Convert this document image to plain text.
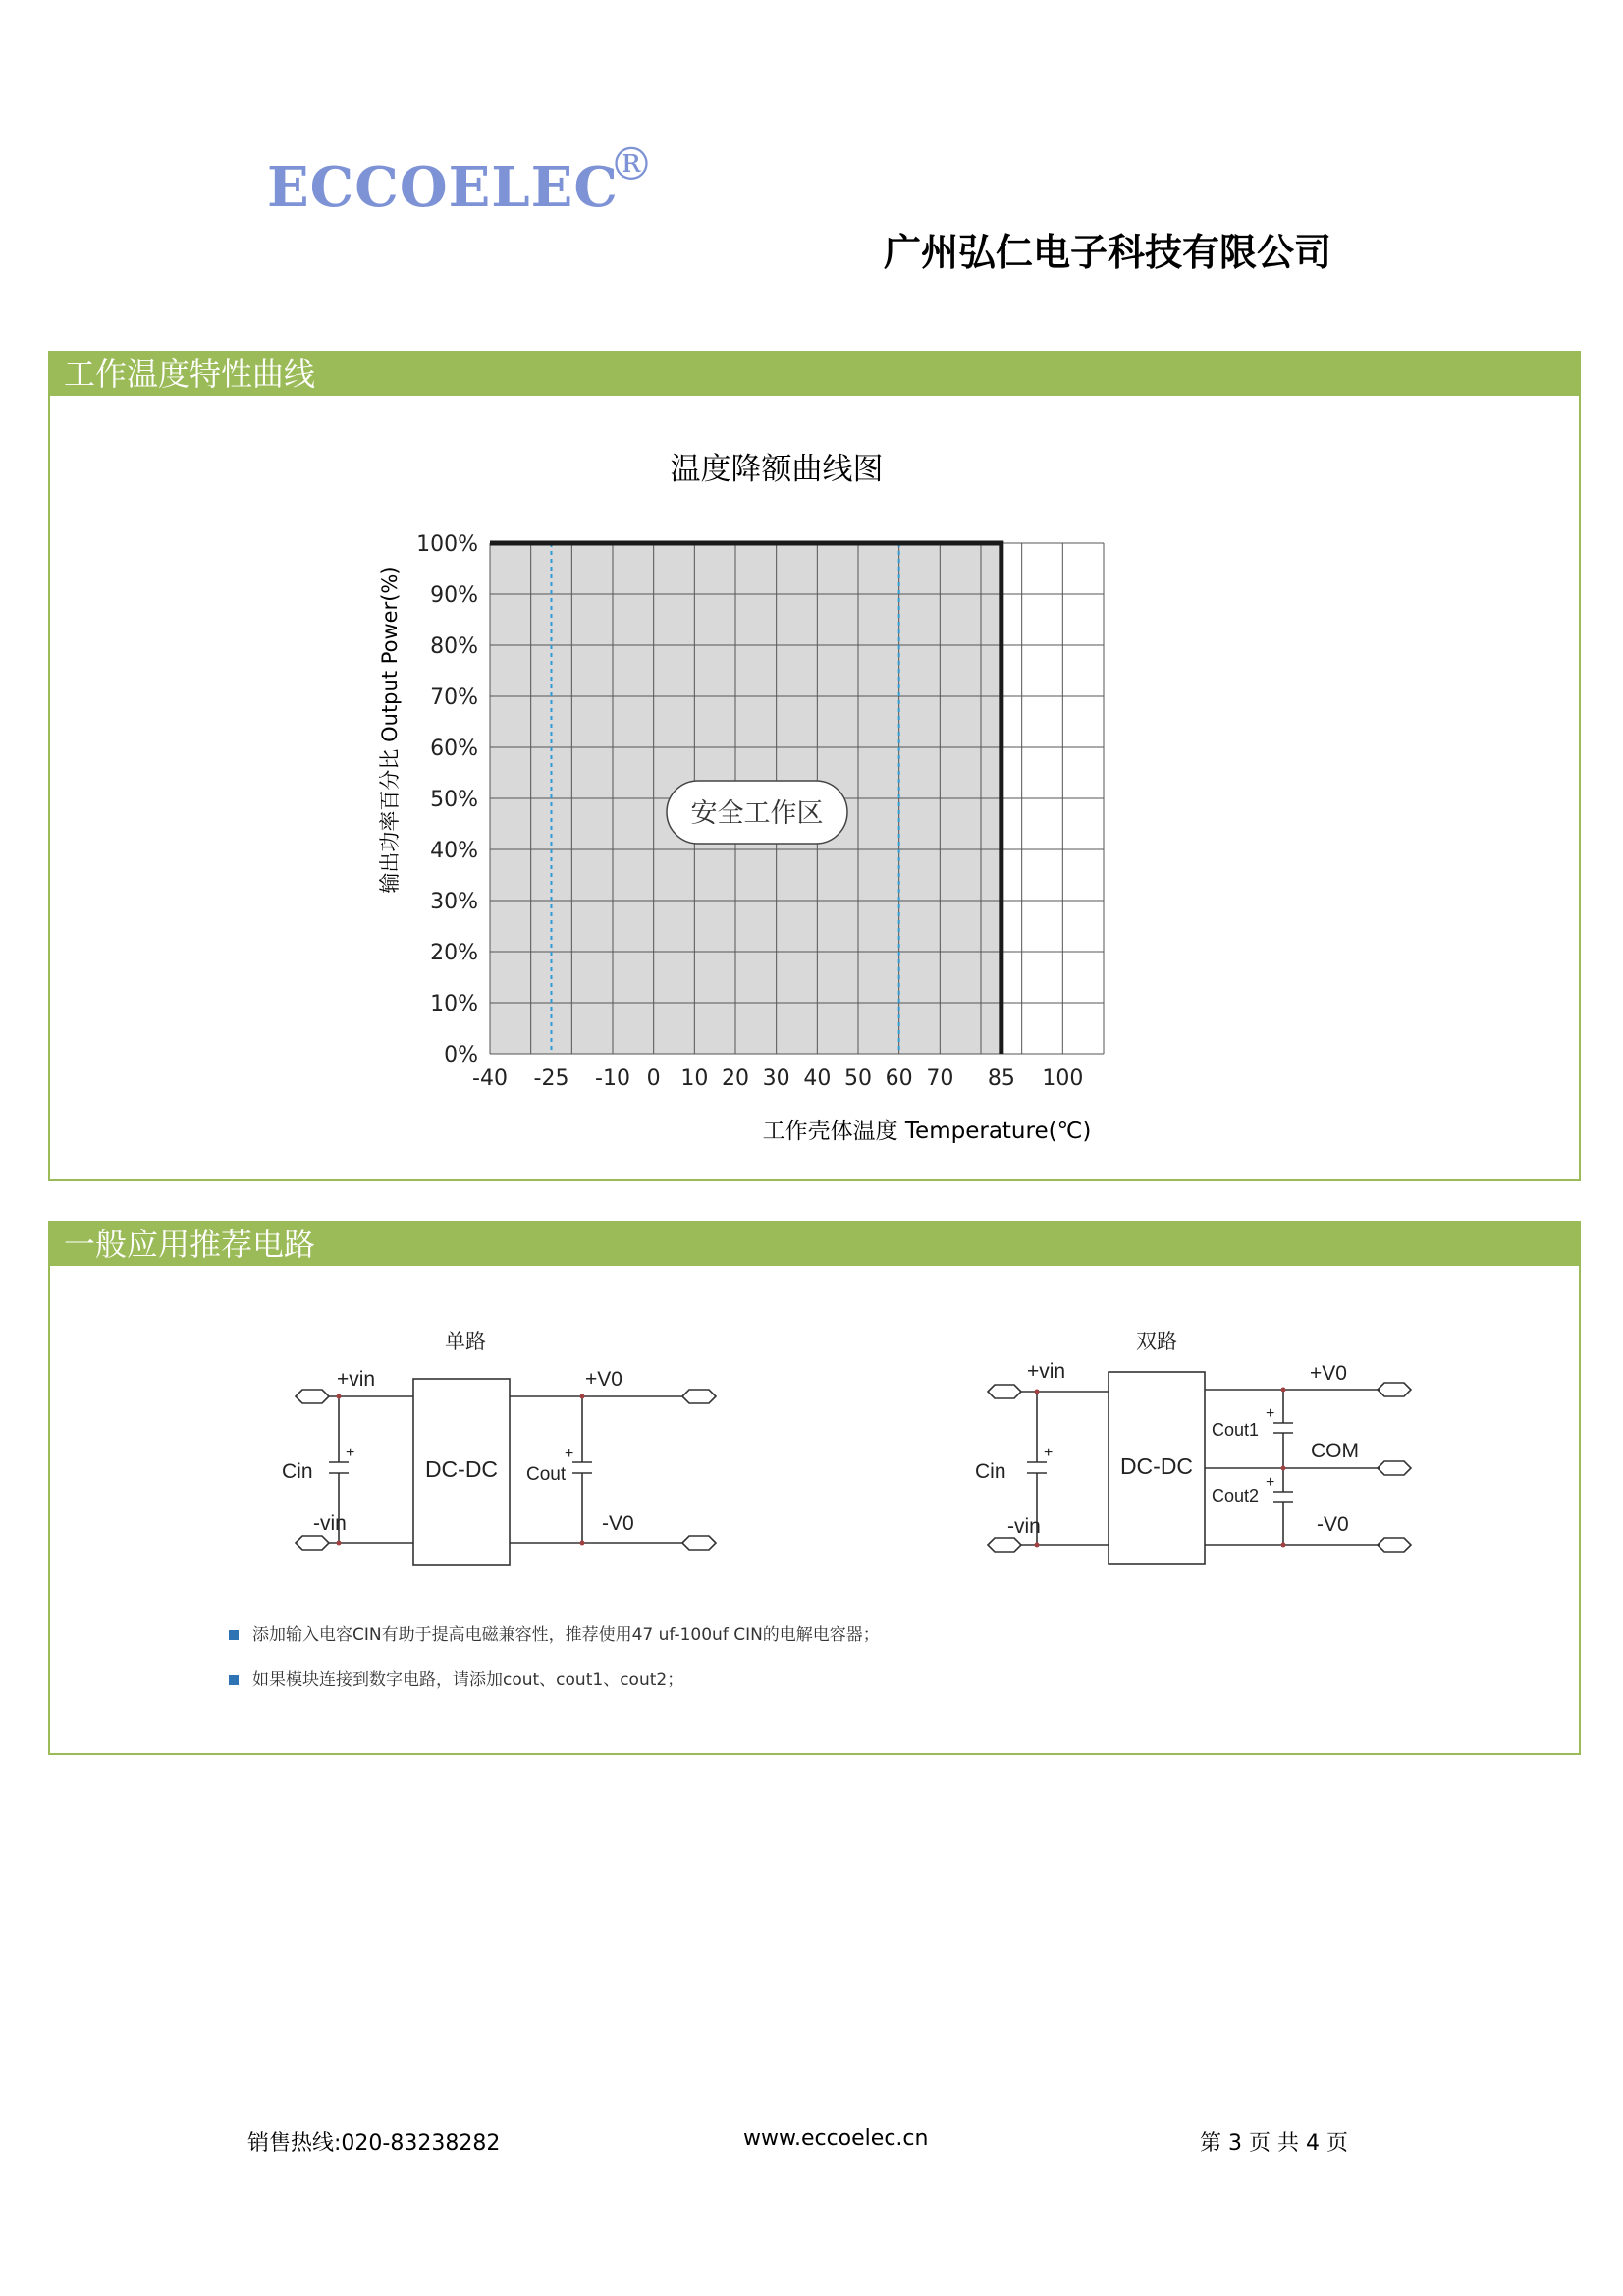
ECCOELEC
®
广州弘仁电子科技有限公司
工作温度特性曲线
温度降额曲线图
0%
10%
20%
30%
40%
50%
60%
70%
80%
90%
100%
-40 -25 -10 0 10 20 30 40 50 60 70 85 100
安全工作区
输出功率百分比 Output Power(%)
工作壳体温度 Temperature(℃)
一般应用推荐电路
单路
+vin
-vin
Cin
+
DC-DC Cout
+
+V0
-V0
双路
+vin
-vin
Cin
+
DC-DC
Cout1
+
Cout2
+
+V0
COM
-V0
添加输入电容CIN有助于提高电磁兼容性，推荐使用47 uf-100uf CIN的电解电容器；
如果模块连接到数字电路，请添加cout、cout1、cout2；
销售热线:020-83238282	www.eccoelec.cn	第 3 页 共 4 页
